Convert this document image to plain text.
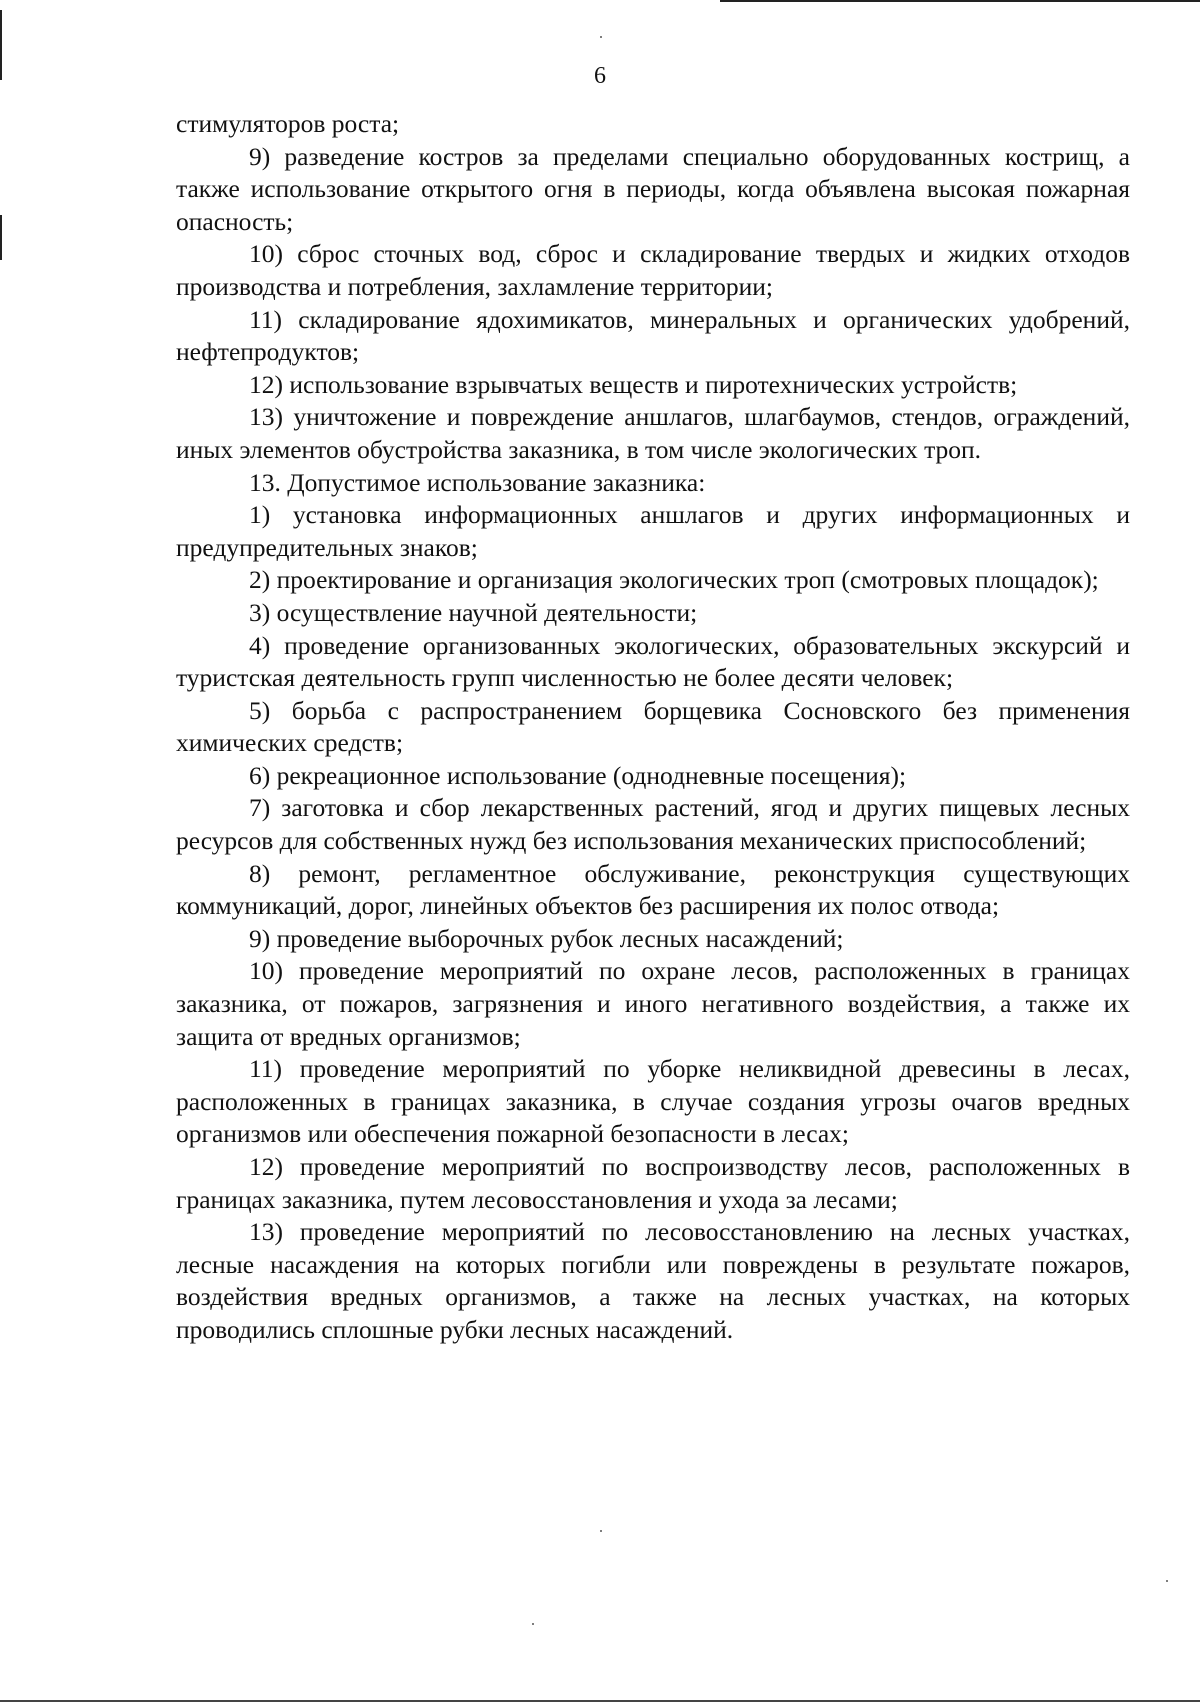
6

стимуляторов роста;

9) разведение костров за пределами специально оборудованных кострищ, а также использование открытого огня в периоды, когда объявлена высокая пожарная опасность;

10) сброс сточных вод, сброс и складирование твердых и жидких отходов производства и потребления, захламление территории;

11) складирование ядохимикатов, минеральных и органических удобрений, нефтепродуктов;

12) использование взрывчатых веществ и пиротехнических устройств;

13) уничтожение и повреждение аншлагов, шлагбаумов, стендов, ограждений, иных элементов обустройства заказника, в том числе экологических троп.

13. Допустимое использование заказника:

1) установка информационных аншлагов и других информационных и предупредительных знаков;

2) проектирование и организация экологических троп (смотровых площадок);

3) осуществление научной деятельности;

4) проведение организованных экологических, образовательных экскурсий и туристская деятельность групп численностью не более десяти человек;

5) борьба с распространением борщевика Сосновского без применения химических средств;

6) рекреационное использование (однодневные посещения);

7) заготовка и сбор лекарственных растений, ягод и других пищевых лесных ресурсов для собственных нужд без использования механических приспособлений;

8) ремонт, регламентное обслуживание, реконструкция существующих коммуникаций, дорог, линейных объектов без расширения их полос отвода;

9) проведение выборочных рубок лесных насаждений;

10) проведение мероприятий по охране лесов, расположенных в границах заказника, от пожаров, загрязнения и иного негативного воздействия, а также их защита от вредных организмов;

11) проведение мероприятий по уборке неликвидной древесины в лесах, расположенных в границах заказника, в случае создания угрозы очагов вредных организмов или обеспечения пожарной безопасности в лесах;

12) проведение мероприятий по воспроизводству лесов, расположенных в границах заказника, путем лесовосстановления и ухода за лесами;

13) проведение мероприятий по лесовосстановлению на лесных участках, лесные насаждения на которых погибли или повреждены в результате пожаров, воздействия вредных организмов, а также на лесных участках, на которых проводились сплошные рубки лесных насаждений.
